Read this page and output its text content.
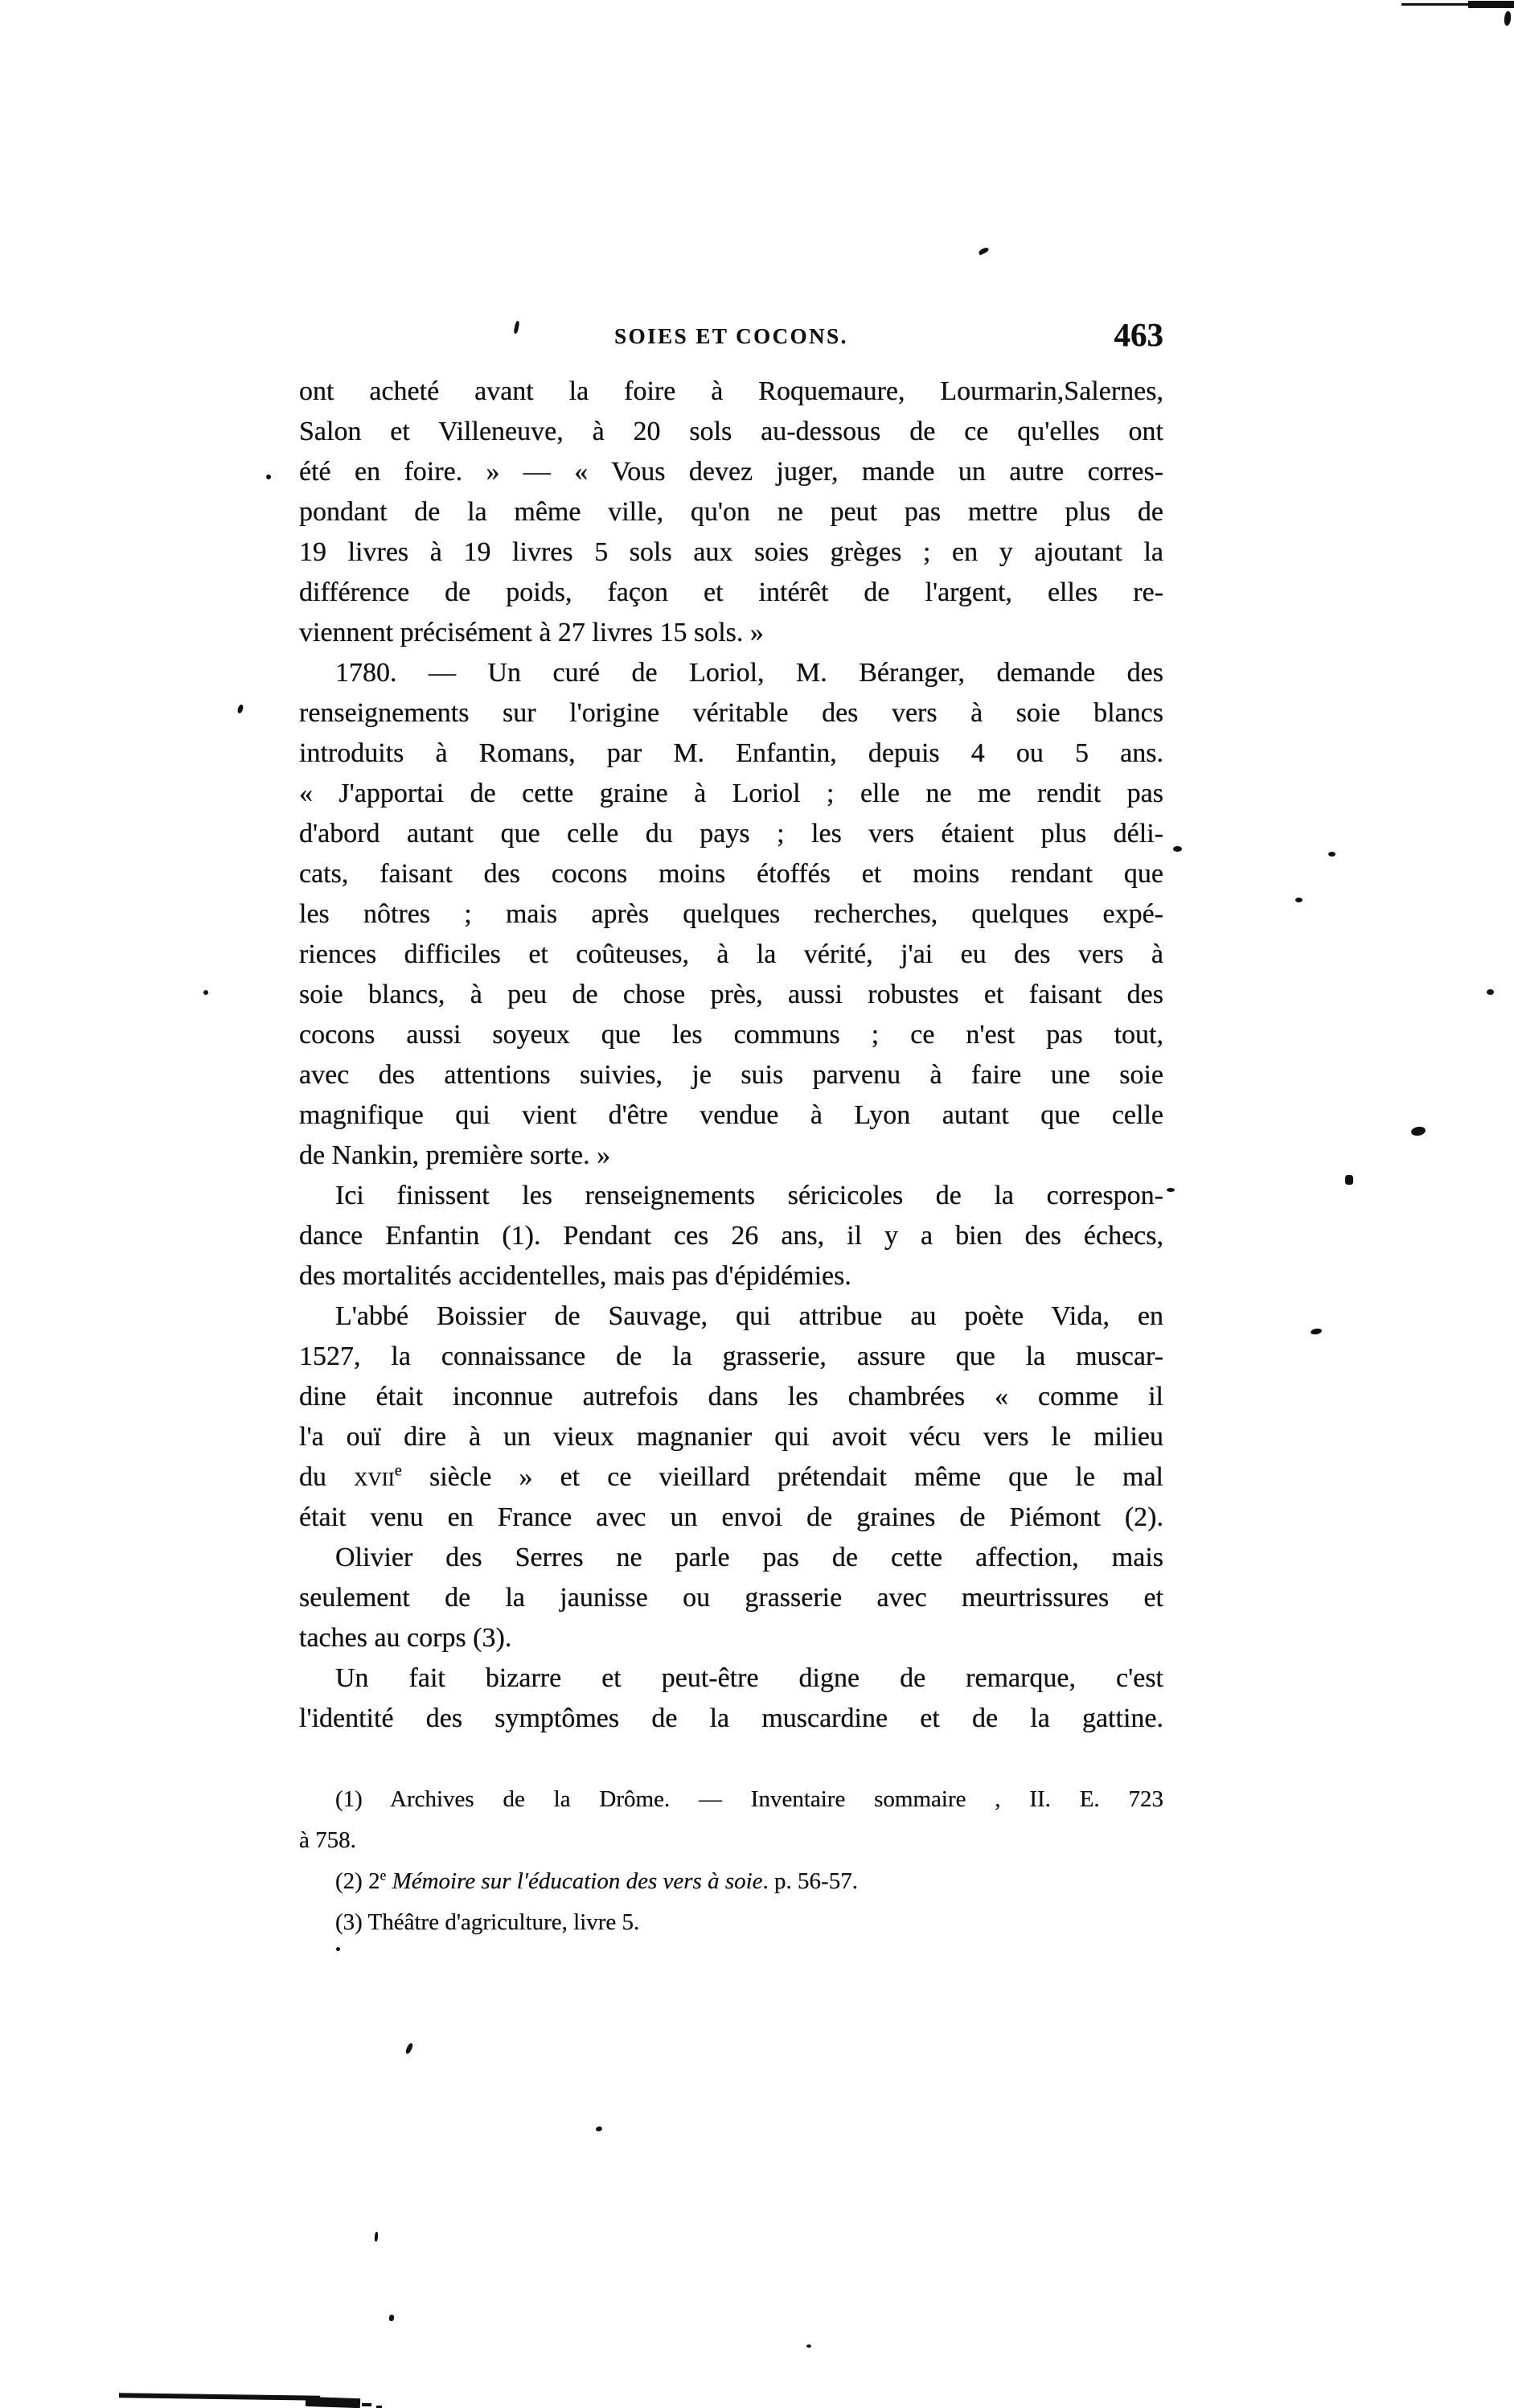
SOIES ET COCONS.	463
ont acheté avant la foire à Roquemaure, Lourmarin,Salernes,
Salon et Villeneuve, à 20 sols au-dessous de ce qu'elles ont
été en foire. » — « Vous devez juger, mande un autre corres-
pondant de la même ville, qu'on ne peut pas mettre plus de
19 livres à 19 livres 5 sols aux soies grèges ; en y ajoutant la
différence de poids, façon et intérêt de l'argent, elles re-
viennent précisément à 27 livres 15 sols. »
1780. — Un curé de Loriol, M. Béranger, demande des
renseignements sur l'origine véritable des vers à soie blancs
introduits à Romans, par M. Enfantin, depuis 4 ou 5 ans.
« J'apportai de cette graine à Loriol ; elle ne me rendit pas
d'abord autant que celle du pays ; les vers étaient plus déli-
cats, faisant des cocons moins étoffés et moins rendant que
les nôtres ; mais après quelques recherches, quelques expé-
riences difficiles et coûteuses, à la vérité, j'ai eu des vers à
soie blancs, à peu de chose près, aussi robustes et faisant des
cocons aussi soyeux que les communs ; ce n'est pas tout,
avec des attentions suivies, je suis parvenu à faire une soie
magnifique qui vient d'être vendue à Lyon autant que celle
de Nankin, première sorte. »
Ici finissent les renseignements séricicoles de la correspon-
dance Enfantin (1). Pendant ces 26 ans, il y a bien des échecs,
des mortalités accidentelles, mais pas d'épidémies.
L'abbé Boissier de Sauvage, qui attribue au poète Vida, en
1527, la connaissance de la grasserie, assure que la muscar-
dine était inconnue autrefois dans les chambrées « comme il
l'a ouï dire à un vieux magnanier qui avoit vécu vers le milieu
du xvii$^e$ siècle » et ce vieillard prétendait même que le mal
était venu en France avec un envoi de graines de Piémont (2).
Olivier des Serres ne parle pas de cette affection, mais
seulement de la jaunisse ou grasserie avec meurtrissures et
taches au corps (3).
Un fait bizarre et peut-être digne de remarque, c'est
l'identité des symptômes de la muscardine et de la gattine.
(1) Archives de la Drôme. — Inventaire sommaire , II. E. 723
à 758.
(2) 2e Mémoire sur l'éducation des vers à soie. p. 56-57.
(3) Théâtre d'agriculture, livre 5.
